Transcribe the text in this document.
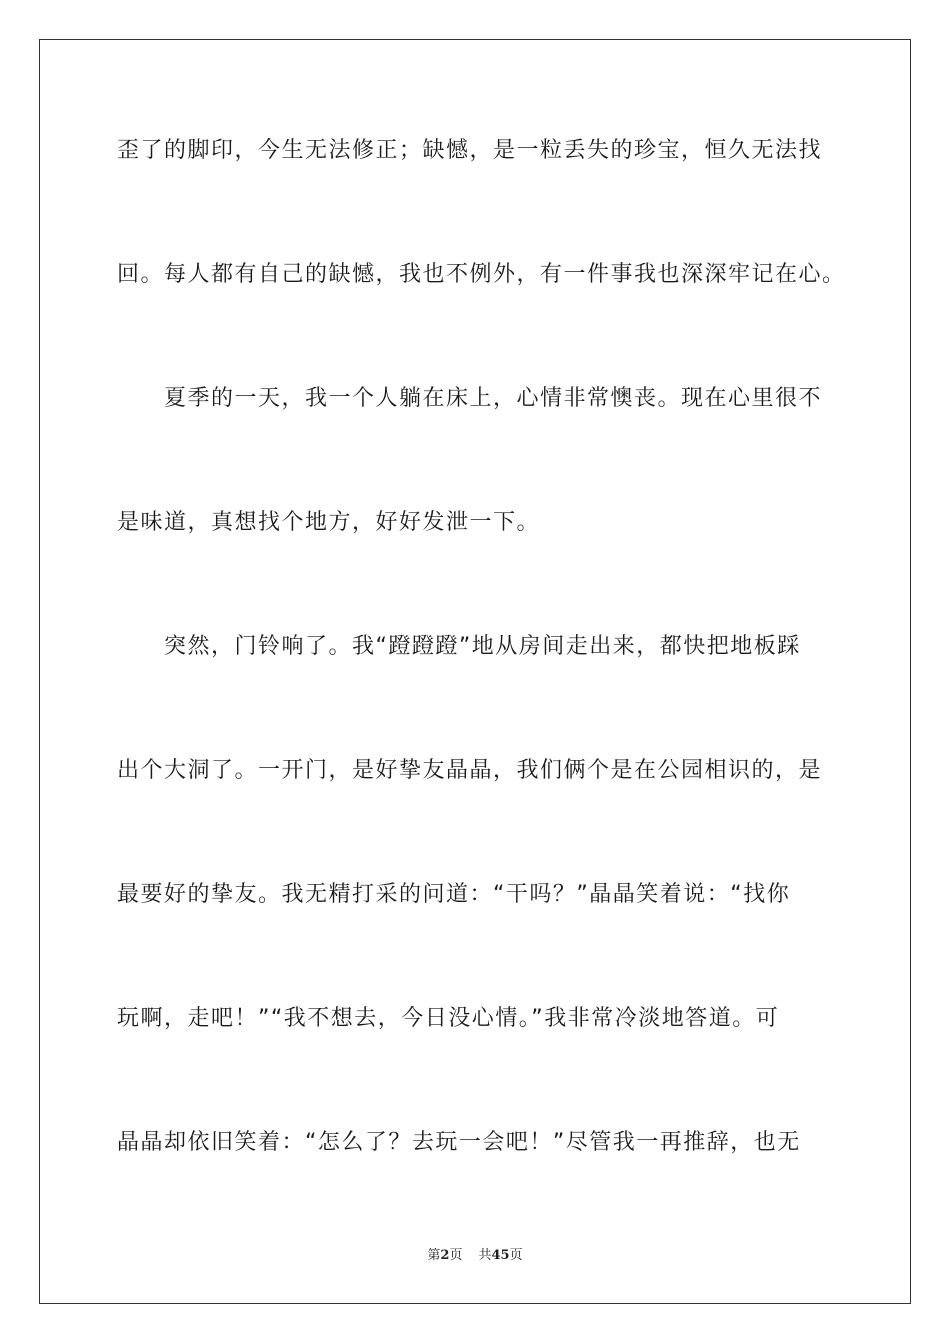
歪了的脚印，今生无法修正；缺憾，是一粒丢失的珍宝，恒久无法找
回。每人都有自己的缺憾，我也不例外，有一件事我也深深牢记在心。
夏季的一天，我一个人躺在床上，心情非常懊丧。现在心里很不
是味道，真想找个地方，好好发泄一下。
突然，门铃响了。我“蹬蹬蹬”地从房间走出来，都快把地板踩
出个大洞了。一开门，是好挚友晶晶，我们俩个是在公园相识的，是
最要好的挚友。我无精打采的问道：“干吗？”晶晶笑着说：“找你
玩啊，走吧！”“我不想去，今日没心情。”我非常冷淡地答道。可
晶晶却依旧笑着：“怎么了？去玩一会吧！”尽管我一再推辞，也无
第2页 共45页
